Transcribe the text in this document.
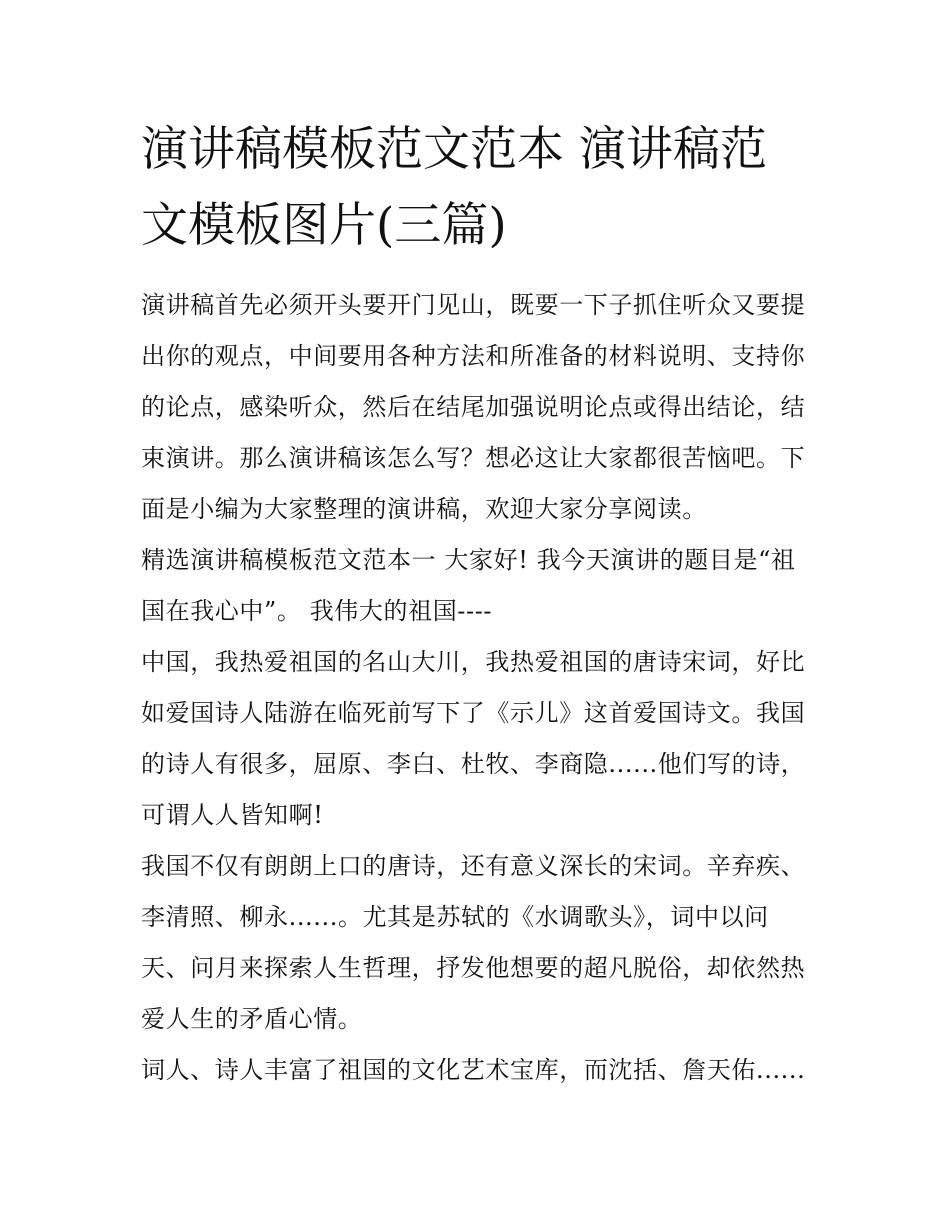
演讲稿模板范文范本 演讲稿范文模板图片(三篇)

演讲稿首先必须开头要开门见山，既要一下子抓住听众又要提出你的观点，中间要用各种方法和所准备的材料说明、支持你的论点，感染听众，然后在结尾加强说明论点或得出结论，结束演讲。那么演讲稿该怎么写？想必这让大家都很苦恼吧。下面是小编为大家整理的演讲稿，欢迎大家分享阅读。

精选演讲稿模板范文范本一 大家好! 我今天演讲的题目是“祖国在我心中”。 我伟大的祖国----

中国，我热爱祖国的名山大川，我热爱祖国的唐诗宋词，好比如爱国诗人陆游在临死前写下了《示儿》这首爱国诗文。我国的诗人有很多，屈原、李白、杜牧、李商隐......他们写的诗，可谓人人皆知啊!

我国不仅有朗朗上口的唐诗，还有意义深长的宋词。辛弃疾、李清照、柳永......。尤其是苏轼的《水调歌头》，词中以问天、问月来探索人生哲理，抒发他想要的超凡脱俗，却依然热爱人生的矛盾心情。

词人、诗人丰富了祖国的文化艺术宝库，而沈括、詹天佑......
